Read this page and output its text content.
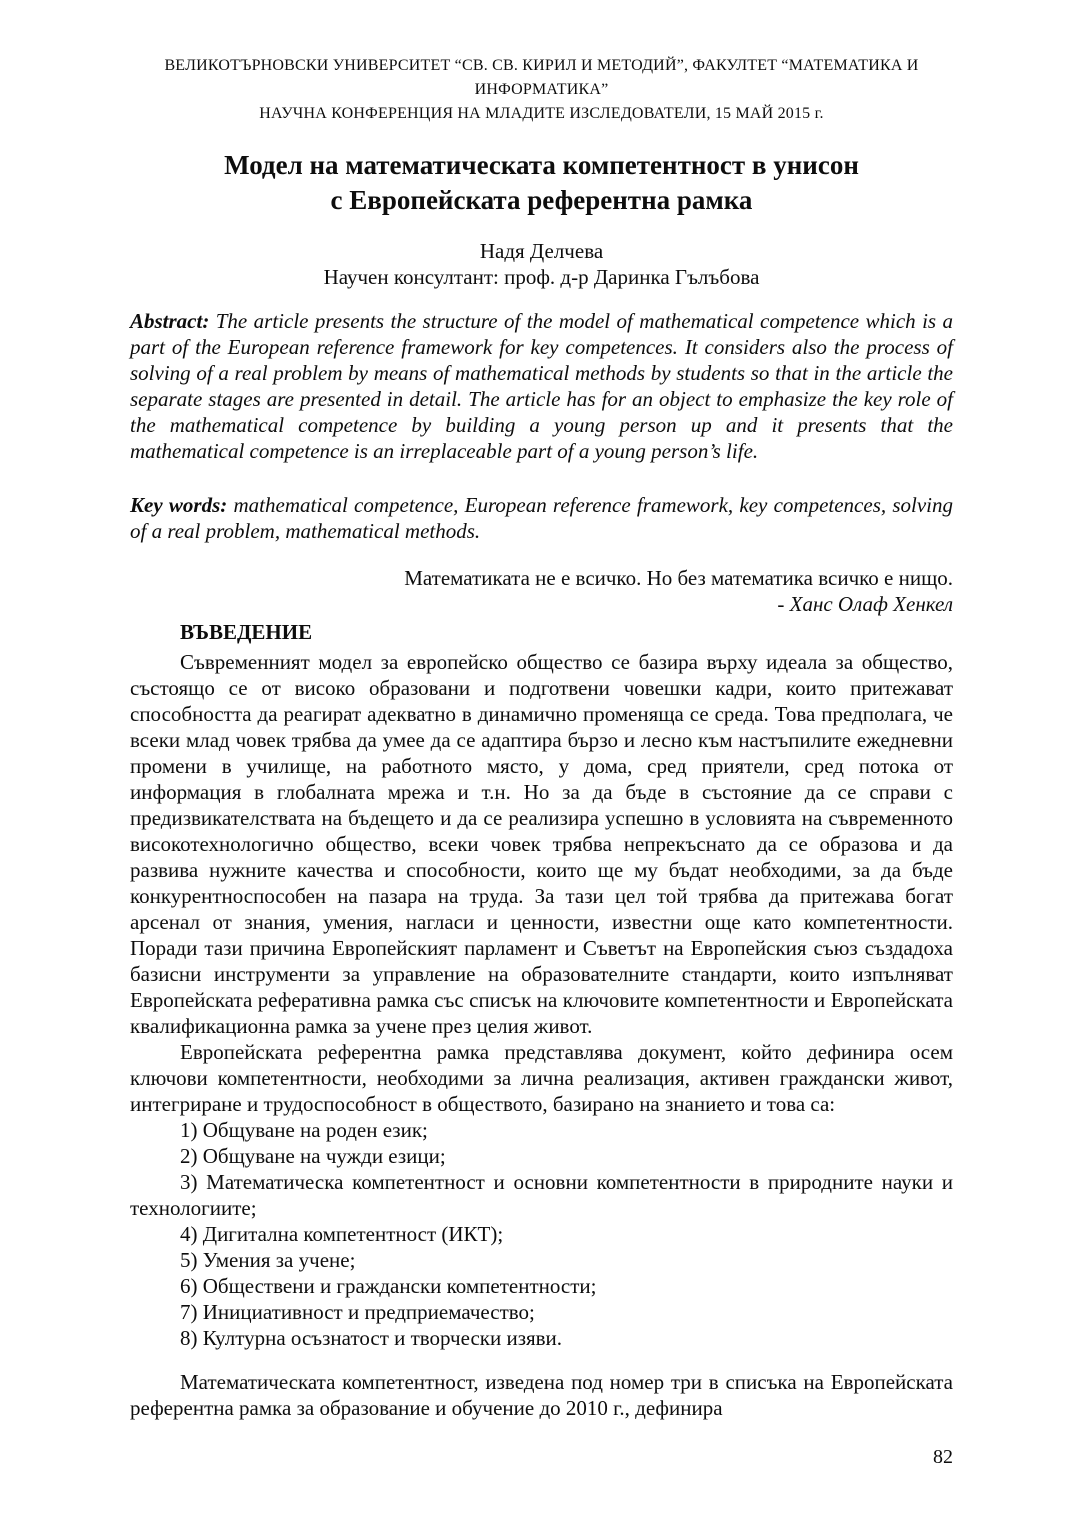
ВЕЛИКОТЪРНОВСКИ УНИВЕРСИТЕТ “СВ. СВ. КИРИЛ И МЕТОДИЙ”, ФАКУЛТЕТ “МАТЕМАТИКА И ИНФОРМАТИКА”
НАУЧНА КОНФЕРЕНЦИЯ НА МЛАДИТЕ ИЗСЛЕДОВАТЕЛИ, 15 МАЙ 2015 г.
Модел на математическата компетентност в унисон
с Европейската референтна рамка
Надя Делчева
Научен консултант: проф. д-р Даринка Гълъбова

Abstract: The article presents the structure of the model of mathematical competence which is a part of the European reference framework for key competences. It considers also the process of solving of a real problem by means of mathematical methods by students so that in the article the separate stages are presented in detail. The article has for an object to emphasize the key role of the mathematical competence by building a young person up and it presents that the mathematical competence is an irreplaceable part of a young person’s life.

Key words: mathematical competence, European reference framework, key competences, solving of a real problem, mathematical methods.

Математиката не е всичко. Но без математика всичко е нищо.
- Ханс Олаф Хенкел
ВЪВЕДЕНИЕ

Съвременният модел за европейско общество се базира върху идеала за общество, състоящо се от високо образовани и подготвени човешки кадри, които притежават способността да реагират адекватно в динамично променяща се среда. Това предполага, че всеки млад човек трябва да умее да се адаптира бързо и лесно към настъпилите ежедневни промени в училище, на работното място, у дома, сред приятели, сред потока от информация в глобалната мрежа и т.н. Но за да бъде в състояние да се справи с предизвикателствата на бъдещето и да се реализира успешно в условията на съвременното високотехнологично общество, всеки човек трябва непрекъснато да се образова и да развива нужните качества и способности, които ще му бъдат необходими, за да бъде конкурентноспособен на пазара на труда. За тази цел той трябва да притежава богат арсенал от знания, умения, нагласи и ценности, известни още като компетентности. Поради тази причина Европейският парламент и Съветът на Европейския съюз създадоха базисни инструменти за управление на образователните стандарти, които изпълняват Европейската реферативна рамка със списък на ключовите компетентности и Европейската квалификационна рамка за учене през целия живот.

Европейската референтна рамка представлява документ, който дефинира осем ключови компетентности, необходими за лична реализация, активен граждански живот, интегриране и трудоспособност в обществото, базирано на знанието и това са:

1) Общуване на роден език;
2) Общуване на чужди езици;
3) Математическа компетентност и основни компетентности в природните науки и технологиите;
4) Дигитална компетентност (ИКТ);
5) Умения за учене;
6) Обществени и граждански компетентности;
7) Инициативност и предприемачество;
8) Културна осъзнатост и творчески изяви.

Математическата компетентност, изведена под номер три в списъка на Европейската референтна рамка за образование и обучение до 2010 г., дефинира

82
